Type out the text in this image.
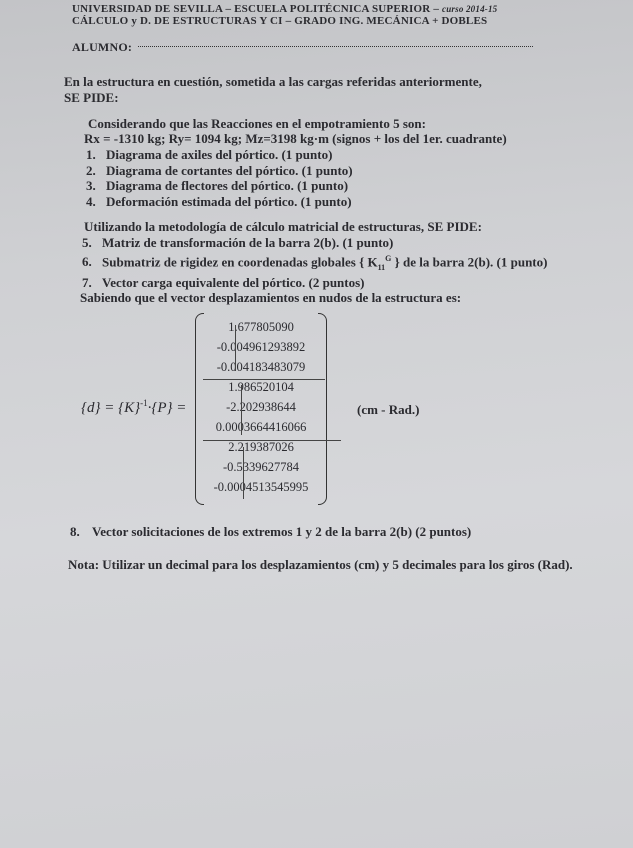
UNIVERSIDAD DE SEVILLA – ESCUELA POLITÉCNICA SUPERIOR – curso 2014-15
CÁLCULO y D. DE ESTRUCTURAS Y CI – GRADO ING. MECÁNICA + DOBLES
ALUMNO:
En la estructura en cuestión, sometida a las cargas referidas anteriormente,
SE PIDE:
Considerando que las Reacciones en el empotramiento 5 son:
Rx = -1310 kg; Ry= 1094 kg; Mz=3198 kg·m (signos + los del 1er. cuadrante)
1. Diagrama de axiles del pórtico. (1 punto)
2. Diagrama de cortantes del pórtico. (1 punto)
3. Diagrama de flectores del pórtico. (1 punto)
4. Deformación estimada del pórtico. (1 punto)
Utilizando la metodología de cálculo matricial de estructuras, SE PIDE:
5. Matriz de transformación de la barra 2(b). (1 punto)
6. Submatriz de rigidez en coordenadas globales { $K_{11}^G$ } de la barra 2(b). (1 punto)
7. Vector carga equivalente del pórtico. (2 puntos)
Sabiendo que el vector desplazamientos en nudos de la estructura es:
$\{d\} = \{K\}^{-1}\cdot\{P\}$ =
1.677805090
-0.004961293892
-0.004183483079
1.986520104
-2.202938644
0.0003664416066
2.219387026
-0.5339627784
-0.0004513545995
(cm - Rad.)
8. Vector solicitaciones de los extremos 1 y 2 de la barra 2(b) (2 puntos)
Nota: Utilizar un decimal para los desplazamientos (cm) y 5 decimales para los giros (Rad).
